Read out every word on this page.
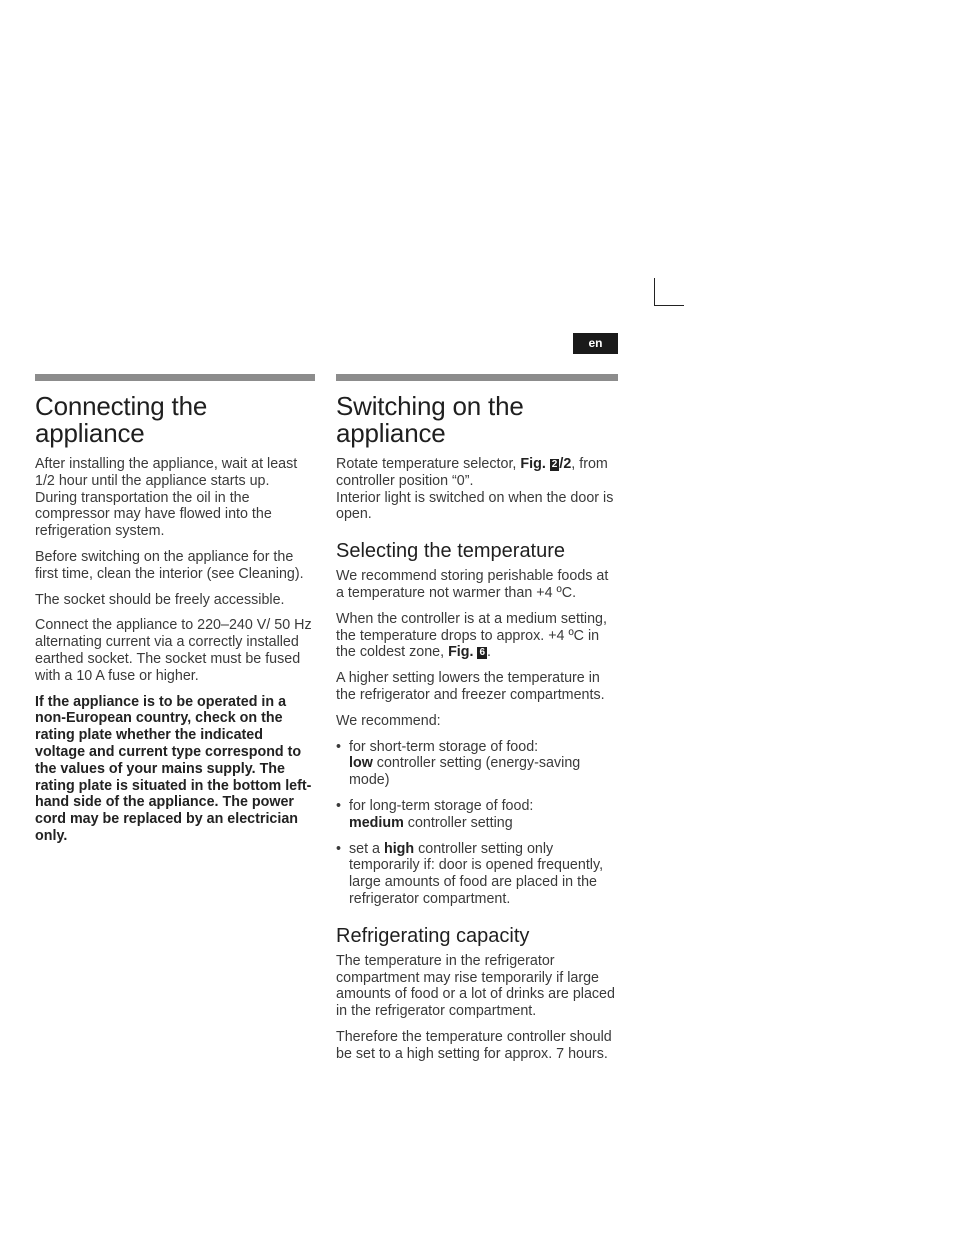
en
Connecting the appliance

After installing the appliance, wait at least 1/2 hour until the appliance starts up. During transportation the oil in the compressor may have flowed into the refrigeration system.

Before switching on the appliance for the first time, clean the interior (see Cleaning).

The socket should be freely accessible.

Connect the appliance to 220–240 V/ 50 Hz alternating current via a correctly installed earthed socket. The socket must be fused with a 10 A fuse or higher.

If the appliance is to be operated in a non-European country, check on the rating plate whether the indicated voltage and current type correspond to the values of your mains supply. The rating plate is situated in the bottom left-hand side of the appliance. The power cord may be replaced by an electrician only.

Switching on the appliance

Rotate temperature selector, Fig. 2 /2, from controller position “0”.
Interior light is switched on when the door is open.

Selecting the temperature

We recommend storing perishable foods at a temperature not warmer than +4 ºC.

When the controller is at a medium setting, the temperature drops to approx. +4 ºC in the coldest zone, Fig. 6 .

A higher setting lowers the temperature in the refrigerator and freezer compartments.

We recommend:

• for short-term storage of food:
low controller setting (energy-saving mode)
• for long-term storage of food:
medium controller setting
• set a high controller setting only temporarily if: door is opened frequently, large amounts of food are placed in the refrigerator compartment.
Refrigerating capacity

The temperature in the refrigerator compartment may rise temporarily if large amounts of food or a lot of drinks are placed in the refrigerator compartment.

Therefore the temperature controller should be set to a high setting for approx. 7 hours.
